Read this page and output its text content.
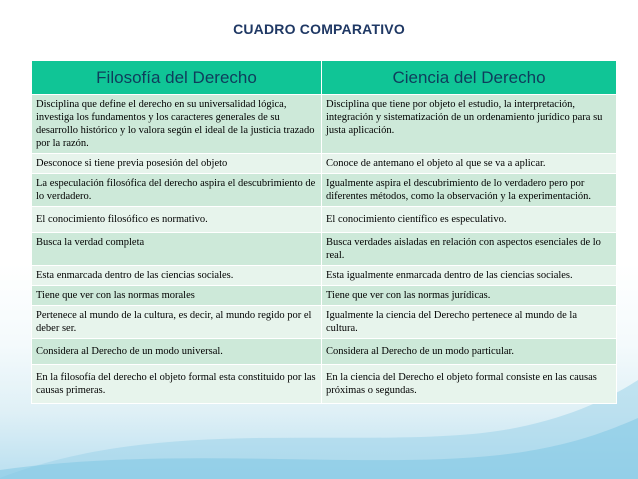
CUADRO COMPARATIVO
Filosofía del Derecho	Ciencia del Derecho
Disciplina que define el derecho en su universalidad lógica, investiga los fundamentos y los caracteres generales de su desarrollo histórico y lo valora según el ideal de la justicia trazado por la razón.	Disciplina que tiene por objeto el estudio, la interpretación, integración y sistematización de un ordenamiento jurídico para su justa aplicación.
Desconoce si tiene previa posesión del objeto	Conoce de antemano el objeto al que se va a aplicar.
La especulación filosófica del derecho aspira el descubrimiento de lo verdadero.	Igualmente aspira el descubrimiento de lo verdadero pero por diferentes métodos, como la observación y la experimentación.
El conocimiento filosófico es normativo.	El conocimiento científico es especulativo.
Busca la verdad completa	Busca verdades aisladas en relación con aspectos esenciales de lo real.
Esta enmarcada dentro de las ciencias sociales.	Esta igualmente enmarcada dentro de las ciencias sociales.
Tiene que ver con las normas morales	Tiene que ver con las normas jurídicas.
Pertenece al mundo de la cultura, es decir, al mundo regido por el deber ser.	Igualmente la ciencia del Derecho pertenece al mundo de la cultura.
Considera al Derecho de un modo universal.	Considera al Derecho de un modo particular.
En la filosofía del derecho el objeto formal esta constituido por las causas primeras.	En la ciencia del Derecho el objeto formal consiste en las causas próximas o segundas.
